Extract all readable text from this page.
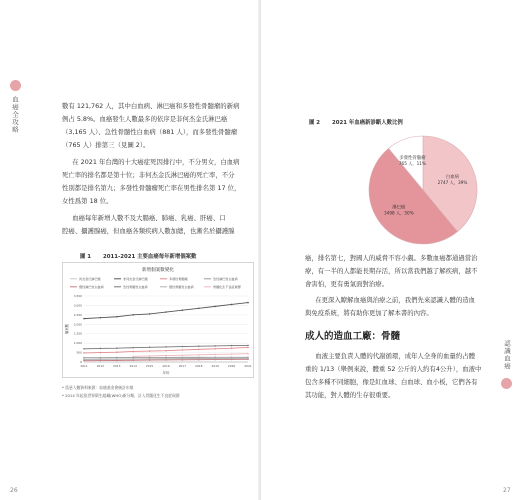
血癌全攻略
26

數有 121,762 人，其中白血病、淋巴癌和多發性骨髓瘤的新病

例占 5.8%。血癌發生人數最多的依序是非何杰金氏淋巴癌

（3,165 人）、急性骨髓性白血病（881 人），而多發性骨髓瘤

（765 人）排第三（見圖 2）。

在 2021 年台灣的十大癌症死因排行中，不分男女，白血病

死亡率的排名都是第十位；非何杰金氏淋巴癌的死亡率，不分

性別都是排名第九；多發性骨髓瘤死亡率在男性排名第 17 位，

女性爲第 18 位。

血癌每年新增人數不及大腸癌、肺癌、乳癌、肝癌、口

腔癌、攝護腺癌，但血癌各類疾病人數加總，也漸名於攝護腺

圖 1 2011-2021 主要血癌每年新增個案數
新增個案數變化
何杰金氏淋巴癌	非何杰金氏淋巴癌	多發性骨髓瘤	急性淋巴性白血病
慢性淋巴性白血病	急性骨髓性白血病	慢性骨髓性白血病	骨髓化生不良症候群
0
500
1,000
1,500
2,000
2,500
3,000
3,500
2011	2012	2013	2014	2015	2016	2017	2018	2019	2020	2021
年份
個案數
* 爲惡人數資料來源：血癌基金會統計年報
* 2014 年起依世界衛生組織(WHO)新分類，計入骨髓化生不良症候群
圖 2 2021 年血癌新診斷人數比例
白血病
2747 人，39%
淋巴癌
3498 人，50%
多發性骨髓瘤
765 人，11%

癌，排名第七，對國人的威脅不容小覷。多數血癌都通過當治

療，有一半的人都能長期存活，所以當我們越了解疾病，越不

會害怕，更有勇氣面對治療。

在更深入瞭解血癌與治療之前，我們先來認識人體的造血

與免疫系統，將有助你更加了解本書的內容。

成人的造血工廠：骨髓

血液主要負責人體的代謝循環，成年人全身的血量約占體

重的 1/13（舉例來說，體重 52 公斤的人約有4公升），血液中

包含多種不同細胞，像是紅血球、白血球、血小板，它們各有

其功能，對人體的生存很重要。

認識血癌
27
